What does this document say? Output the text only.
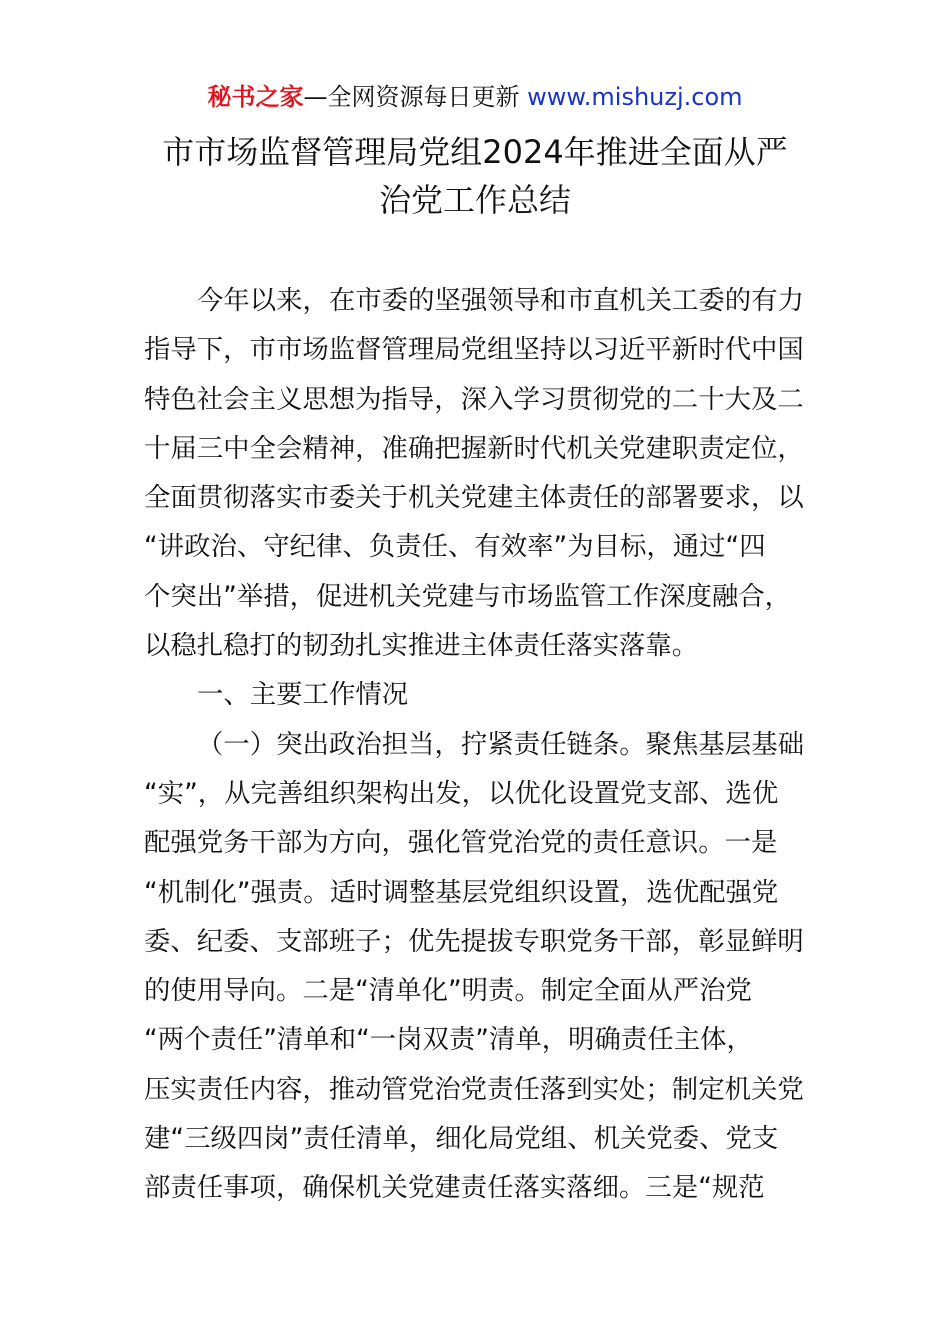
秘书之家—全网资源每日更新 www.mishuzj.com
市市场监督管理局党组2024年推进全面从严
治党工作总结
今年以来，在市委的坚强领导和市直机关工委的有力
指导下，市市场监督管理局党组坚持以习近平新时代中国
特色社会主义思想为指导，深入学习贯彻党的二十大及二
十届三中全会精神，准确把握新时代机关党建职责定位，
全面贯彻落实市委关于机关党建主体责任的部署要求，以
“讲政治、守纪律、负责任、有效率”为目标，通过“四
个突出”举措，促进机关党建与市场监管工作深度融合，
以稳扎稳打的韧劲扎实推进主体责任落实落靠。
一、主要工作情况
（一）突出政治担当，拧紧责任链条。聚焦基层基础
“实”，从完善组织架构出发，以优化设置党支部、选优
配强党务干部为方向，强化管党治党的责任意识。一是
“机制化”强责。适时调整基层党组织设置，选优配强党
委、纪委、支部班子；优先提拔专职党务干部，彰显鲜明
的使用导向。二是“清单化”明责。制定全面从严治党
“两个责任”清单和“一岗双责”清单，明确责任主体，
压实责任内容，推动管党治党责任落到实处；制定机关党
建“三级四岗”责任清单，细化局党组、机关党委、党支
部责任事项，确保机关党建责任落实落细。三是“规范
